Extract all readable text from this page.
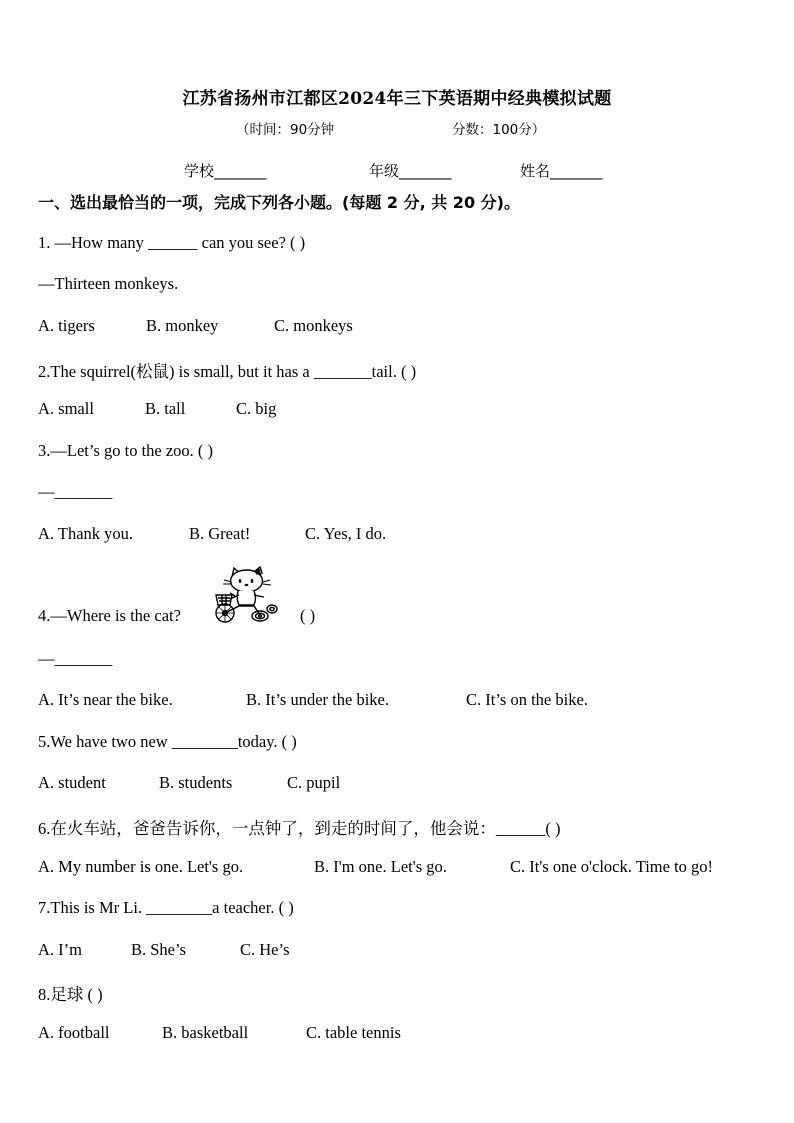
江苏省扬州市江都区2024年三下英语期中经典模拟试题
（时间：90分钟	分数：100分）
学校_______	年级_______	姓名_______
一、选出最恰当的一项，完成下列各小题。(每题 2 分, 共 20 分)。
1. —How many ______ can you see? ( )
—Thirteen monkeys.
A. tigers	B. monkey	C. monkeys
2.The squirrel(松鼠) is small, but it has a _______tail. ( )
A. small	B. tall	C. big
3.—Let’s go to the zoo. ( )
—_______
A. Thank you.	B. Great!	C. Yes, I do.
4.—Where is the cat?	( )
—_______
A. It’s near the bike.	B. It’s under the bike.	C. It’s on the bike.
5.We have two new ________today. ( )
A. student	B. students	C. pupil
6.在火车站，爸爸告诉你，一点钟了，到走的时间了，他会说：______( )
A. My number is one. Let's go.	B. I'm one. Let's go.	C. It's one o'clock. Time to go!
7.This is Mr Li. ________a teacher. ( )
A. I’m	B. She’s	C. He’s
8.足球 ( )
A. football	B. basketball	C. table tennis
